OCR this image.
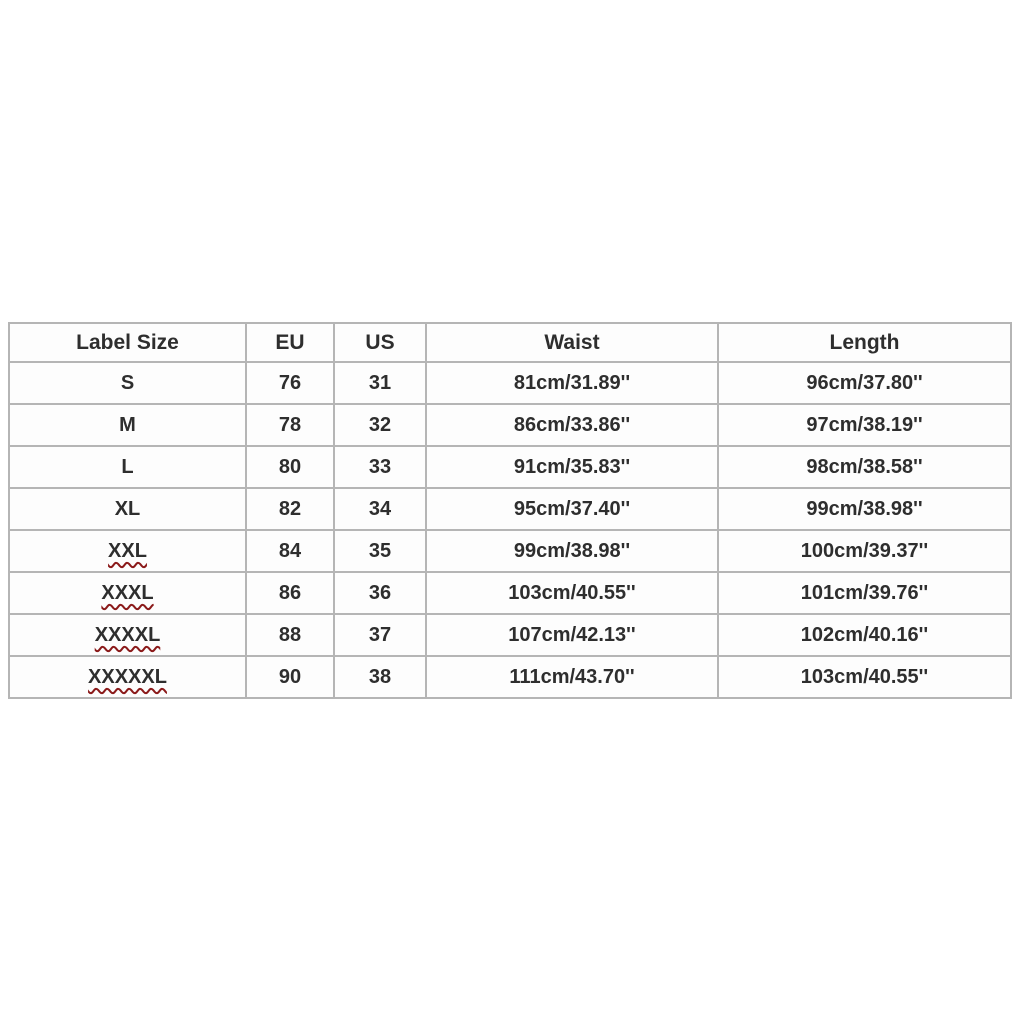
Label Size	EU	US	Waist	Length
S	76	31	81cm/31.89''	96cm/37.80''
M	78	32	86cm/33.86''	97cm/38.19''
L	80	33	91cm/35.83''	98cm/38.58''
XL	82	34	95cm/37.40''	99cm/38.98''
XXL	84	35	99cm/38.98''	100cm/39.37''
XXXL	86	36	103cm/40.55''	101cm/39.76''
XXXXL	88	37	107cm/42.13''	102cm/40.16''
XXXXXL	90	38	111cm/43.70''	103cm/40.55''
